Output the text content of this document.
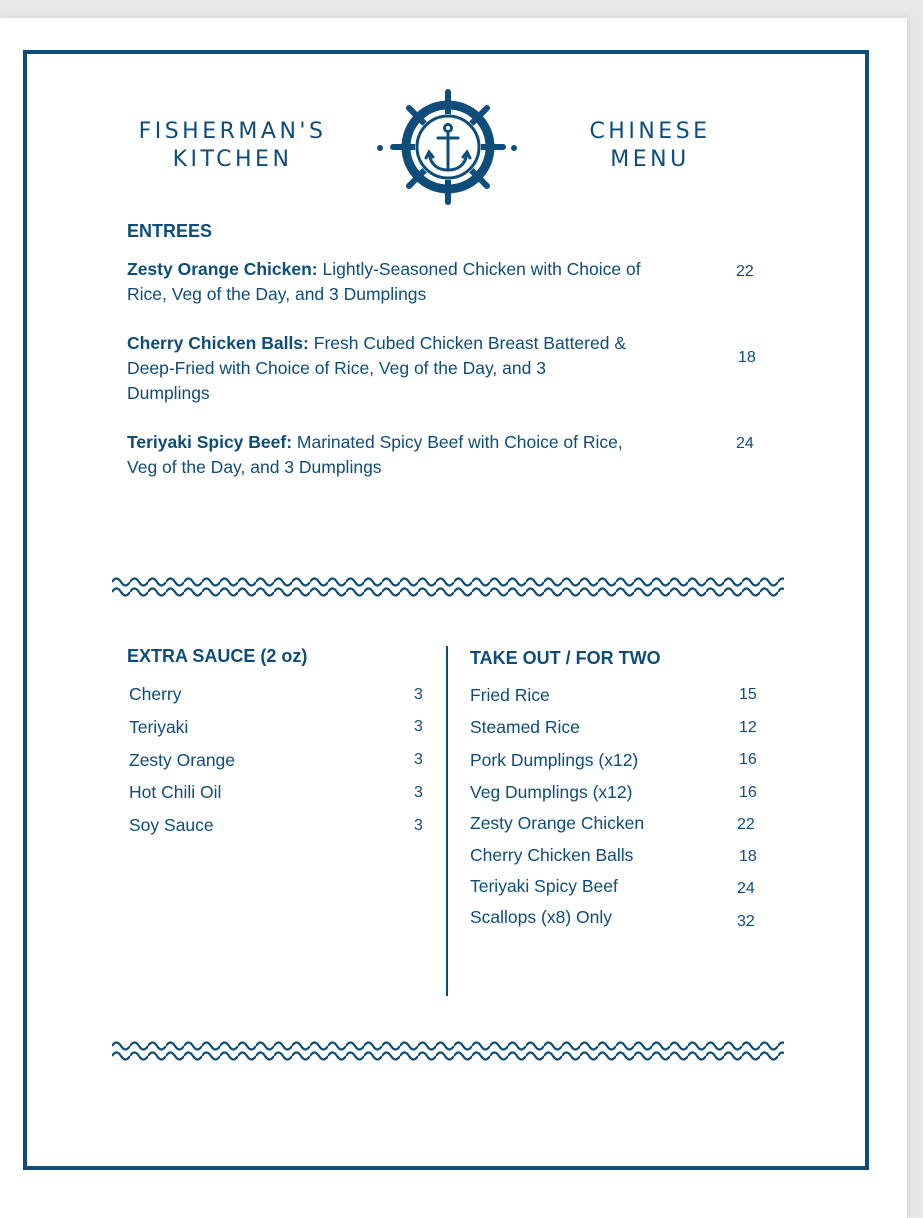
FISHERMAN'S
KITCHEN
CHINESE
MENU
ENTREES
Zesty Orange Chicken: Lightly-Seasoned Chicken with Choice of Rice, Veg of the Day, and 3 Dumplings
22
Cherry Chicken Balls: Fresh Cubed Chicken Breast Battered & Deep-Fried with Choice of Rice, Veg of the Day, and 3 Dumplings
18
Teriyaki Spicy Beef: Marinated Spicy Beef with Choice of Rice, Veg of the Day, and 3 Dumplings
24
EXTRA SAUCE (2 oz)
Cherry	3
Teriyaki	3
Zesty Orange	3
Hot Chili Oil	3
Soy Sauce	3
TAKE OUT / FOR TWO
Fried Rice	15
Steamed Rice	12
Pork Dumplings (x12)	16
Veg Dumplings (x12)	16
Zesty Orange Chicken	22
Cherry Chicken Balls	18
Teriyaki Spicy Beef	24
Scallops (x8) Only	32
